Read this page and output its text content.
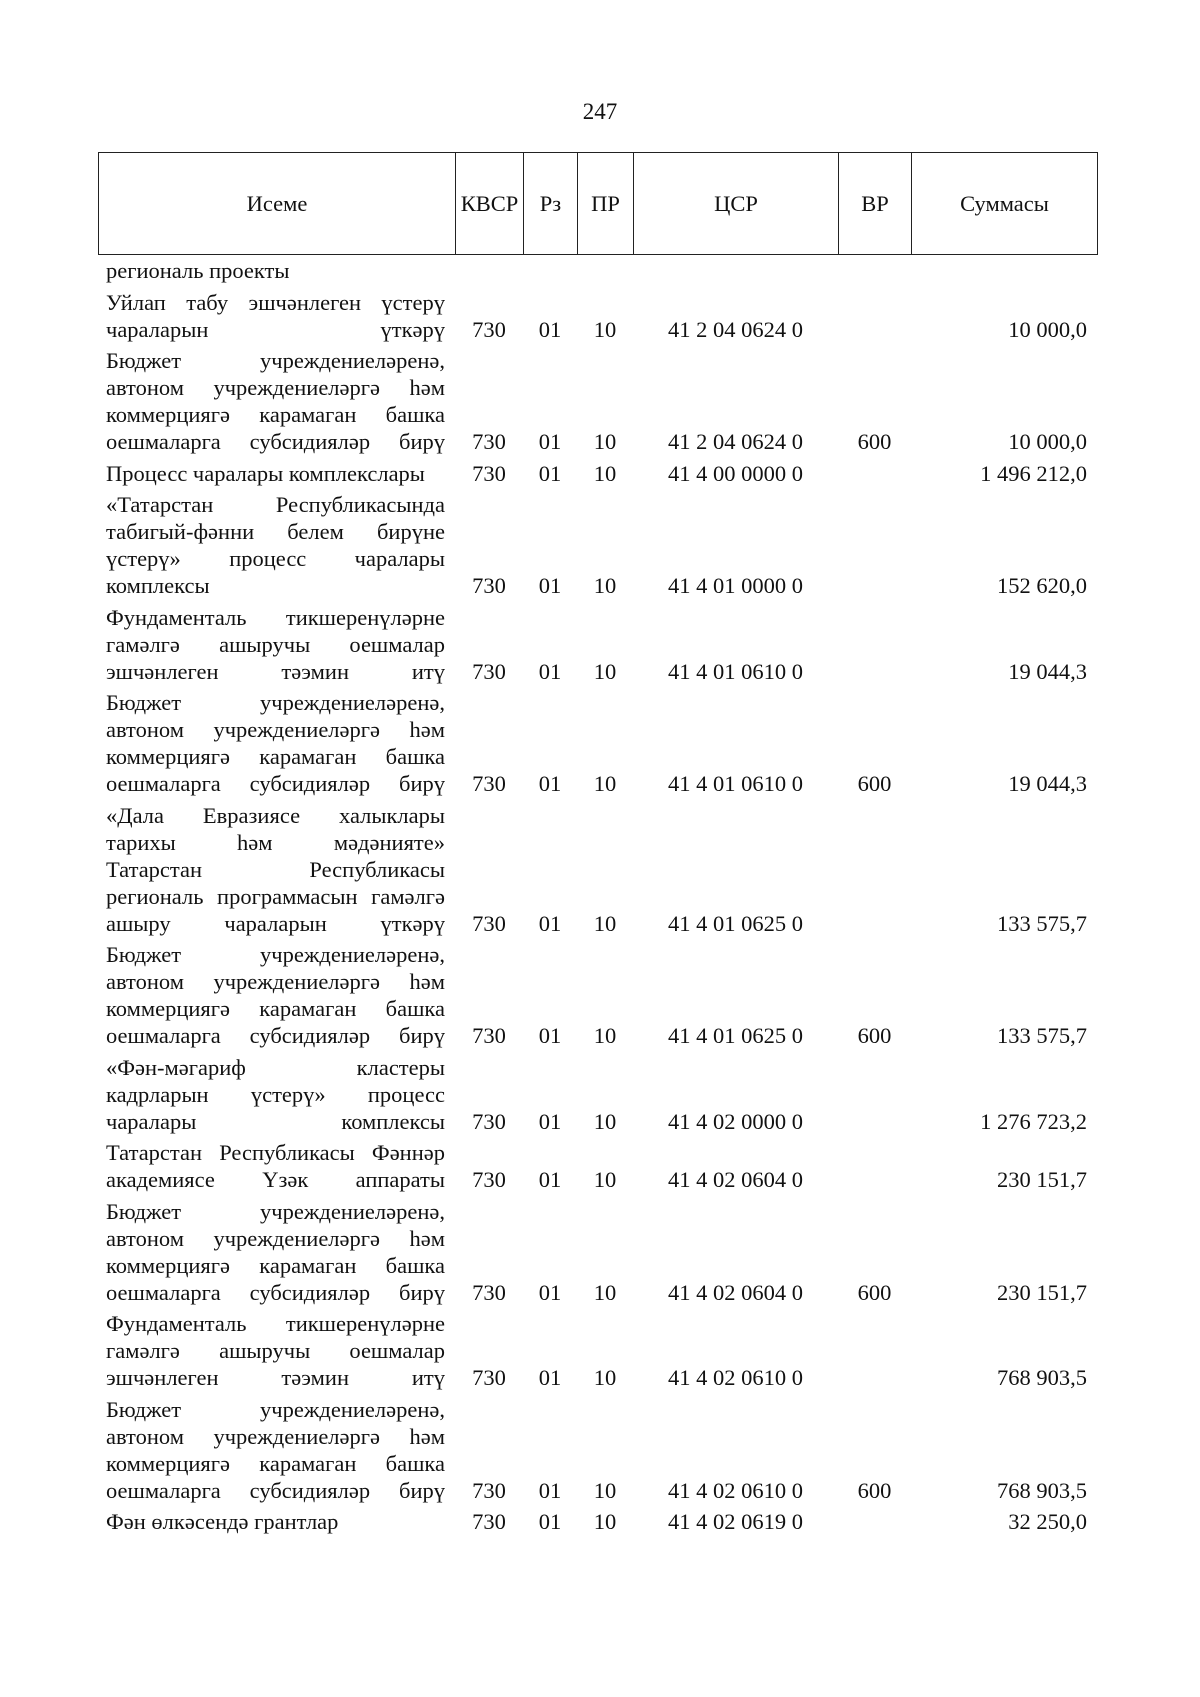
247
Исеме	КВСР	Рз	ПР	ЦСР	ВР	Суммасы
региональ проекты						
Уйлап табу эшчәнлеген үстерү
чараларын үткәрү	730	01	10	41 2 04 0624 0		10 000,0
Бюджет учреждениеләренә,
автоном учреждениеләргә һәм
коммерциягә карамаган башка
оешмаларга субсидияләр бирү	730	01	10	41 2 04 0624 0	600	10 000,0
Процесс чаралары комплекслары	730	01	10	41 4 00 0000 0		1 496 212,0
«Татарстан Республикасында
табигый-фәнни белем бирүне
үстерү» процесс чаралары
комплексы	730	01	10	41 4 01 0000 0		152 620,0
Фундаменталь тикшеренүләрне
гамәлгә ашыручы оешмалар
эшчәнлеген тәэмин итү	730	01	10	41 4 01 0610 0		19 044,3
Бюджет учреждениеләренә,
автоном учреждениеләргә һәм
коммерциягә карамаган башка
оешмаларга субсидияләр бирү	730	01	10	41 4 01 0610 0	600	19 044,3
«Дала Евразиясе халыклары
тарихы һәм мәдәнияте»
Татарстан Республикасы
региональ программасын гамәлгә
ашыру чараларын үткәрү	730	01	10	41 4 01 0625 0		133 575,7
Бюджет учреждениеләренә,
автоном учреждениеләргә һәм
коммерциягә карамаган башка
оешмаларга субсидияләр бирү	730	01	10	41 4 01 0625 0	600	133 575,7
«Фән-мәгариф кластеры
кадрларын үстерү» процесс
чаралары комплексы	730	01	10	41 4 02 0000 0		1 276 723,2
Татарстан Республикасы Фәннәр
академиясе Үзәк аппараты	730	01	10	41 4 02 0604 0		230 151,7
Бюджет учреждениеләренә,
автоном учреждениеләргә һәм
коммерциягә карамаган башка
оешмаларга субсидияләр бирү	730	01	10	41 4 02 0604 0	600	230 151,7
Фундаменталь тикшеренүләрне
гамәлгә ашыручы оешмалар
эшчәнлеген тәэмин итү	730	01	10	41 4 02 0610 0		768 903,5
Бюджет учреждениеләренә,
автоном учреждениеләргә һәм
коммерциягә карамаган башка
оешмаларга субсидияләр бирү	730	01	10	41 4 02 0610 0	600	768 903,5
Фән өлкәсендә грантлар	730	01	10	41 4 02 0619 0		32 250,0
